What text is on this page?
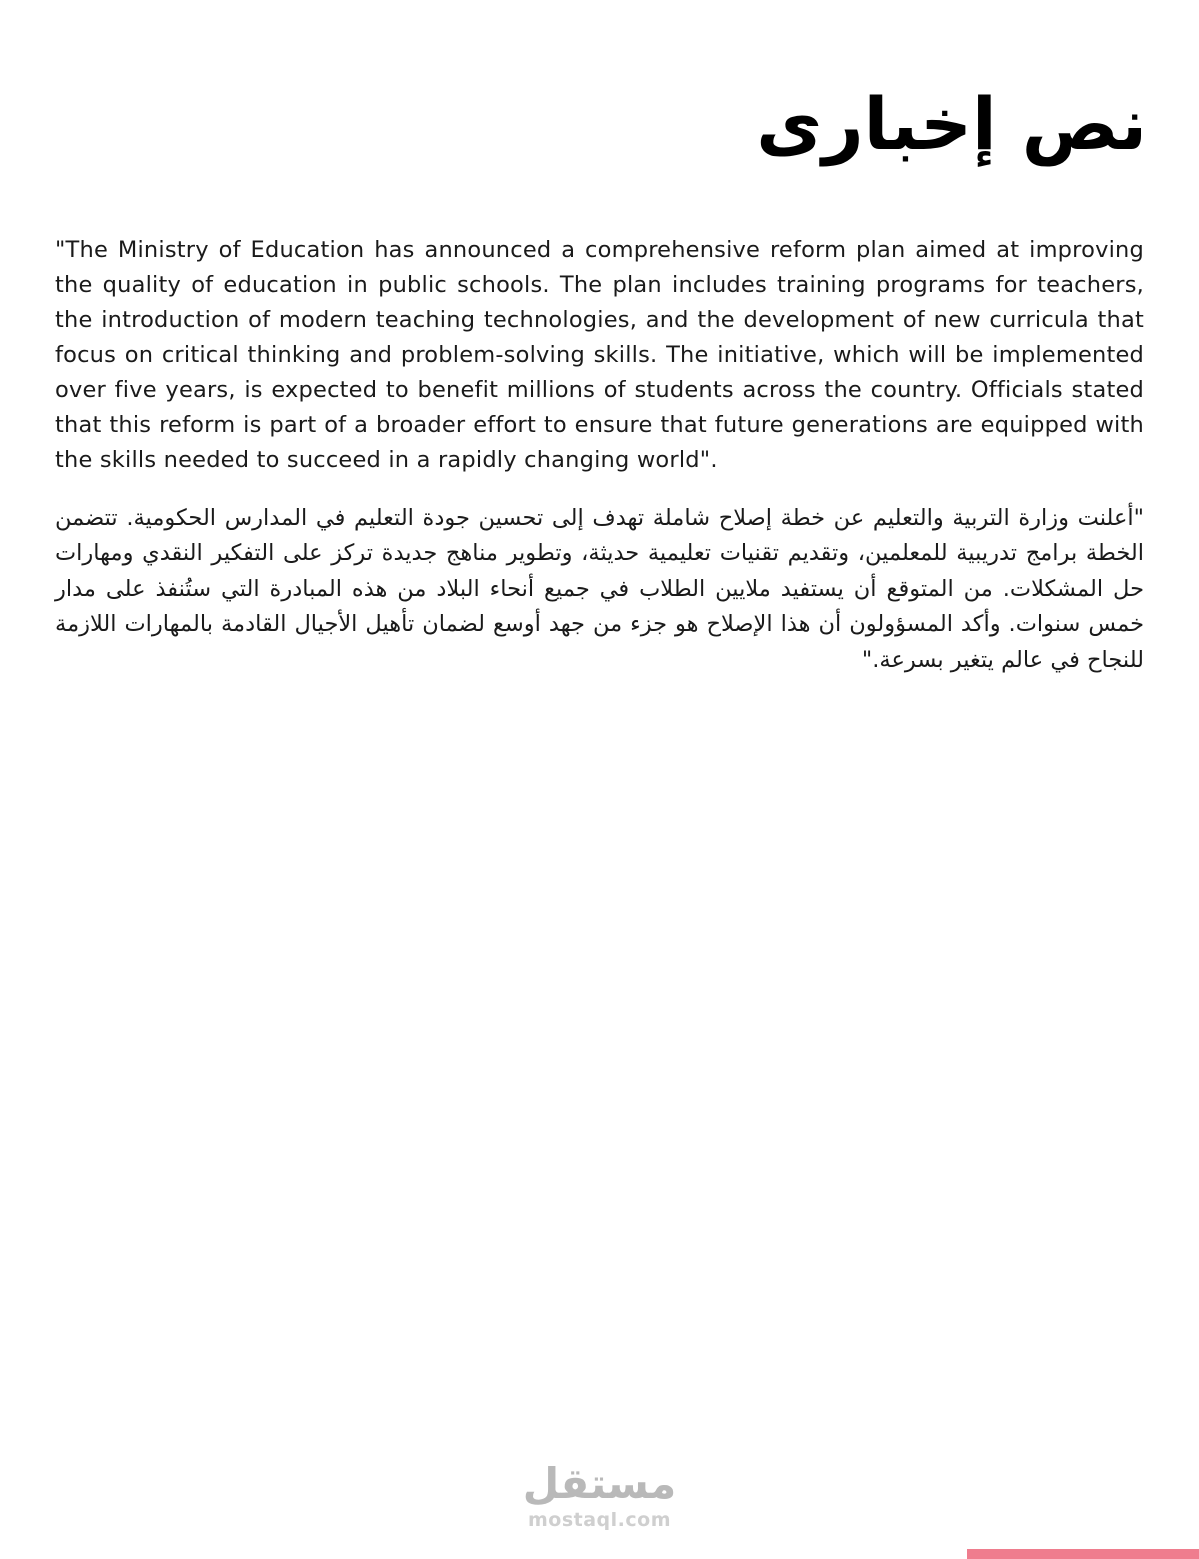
نص إخبارى

"The Ministry of Education has announced a comprehensive reform plan aimed at improving the quality of education in public schools. The plan includes training programs for teachers, the introduction of modern teaching technologies, and the development of new curricula that focus on critical thinking and problem-solving skills. The initiative, which will be implemented over five years, is expected to benefit millions of students across the country. Officials stated that this reform is part of a broader effort to ensure that future generations are equipped with the skills needed to succeed in a rapidly changing world".

"أعلنت وزارة التربية والتعليم عن خطة إصلاح شاملة تهدف إلى تحسين جودة التعليم في المدارس الحكومية. تتضمن الخطة برامج تدريبية للمعلمين، وتقديم تقنيات تعليمية حديثة، وتطوير مناهج جديدة تركز على التفكير النقدي ومهارات حل المشكلات. من المتوقع أن يستفيد ملايين الطلاب في جميع أنحاء البلاد من هذه المبادرة التي ستُنفذ على مدار خمس سنوات. وأكد المسؤولون أن هذا الإصلاح هو جزء من جهد أوسع لضمان تأهيل الأجيال القادمة بالمهارات اللازمة للنجاح في عالم يتغير بسرعة."

مستقل
mostaql.com
